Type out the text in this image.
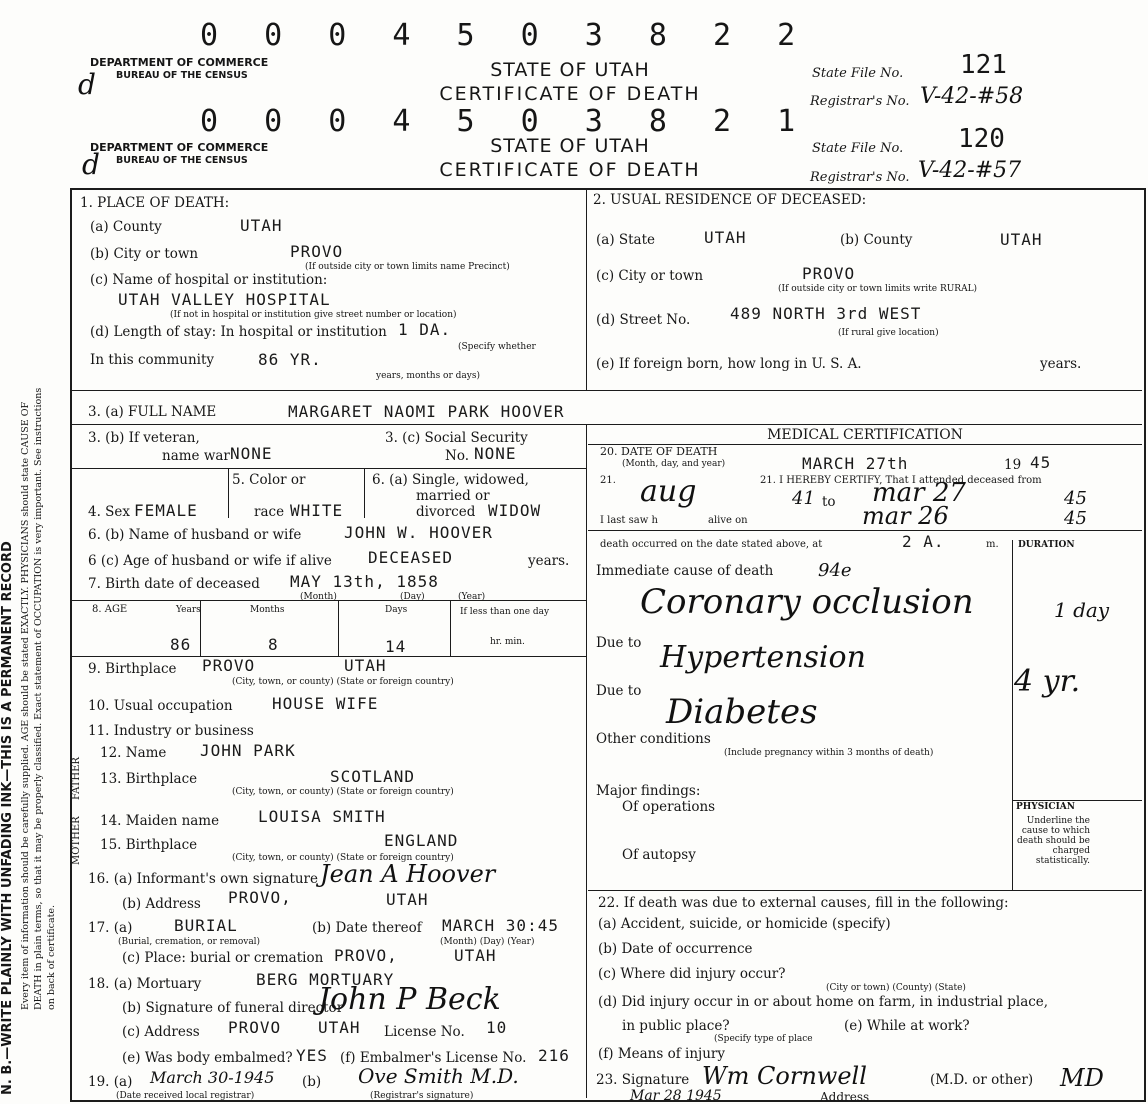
N. B.—WRITE PLAINLY WITH UNFADING INK—THIS IS A PERMANENT RECORD Every item of information should be carefully supplied. AGE should be stated EXACTLY. PHYSICIANS should state CAUSE OF DEATH in plain terms, so that it may be properly classified. Exact statement of OCCUPATION is very important. See instructions on back of certificate.
0 0 0 4 5 0 3 8 2 2
DEPARTMENT OF COMMERCE
BUREAU OF THE CENSUS
d	STATE OF UTAH
CERTIFICATE OF DEATH
State File No. 121
Registrar's No. V-42-#58
0 0 0 4 5 0 3 8 2 1
DEPARTMENT OF COMMERCE
BUREAU OF THE CENSUS
d
STATE OF UTAH
CERTIFICATE OF DEATH
State File No. 120
Registrar's No. V-42-#57
1. PLACE OF DEATH:
(a) County	UTAH
(b) City or town	PROVO
(If outside city or town limits name Precinct)
(c) Name of hospital or institution:
UTAH VALLEY HOSPITAL
(If not in hospital or institution give street number or location)
(d) Length of stay: In hospital or institution 1 DA.
(Specify whether
In this community	86 YR.
years, months or days)
2. USUAL RESIDENCE OF DECEASED:
(a) State	UTAH	(b) County	UTAH
(c) City or town	PROVO
(If outside city or town limits write RURAL)
(d) Street No. 489 NORTH 3rd WEST
(If rural give location)
(e) If foreign born, how long in U. S. A.	years.
3. (a) FULL NAME	MARGARET NAOMI PARK HOOVER
3. (b) If veteran,
name war NONE
3. (c) Social Security
No. NONE
5. Color or	6. (a) Single, widowed,
married or
4. Sex FEMALE	race WHITE	divorced WIDOW
6. (b) Name of husband or wife	JOHN W. HOOVER
6 (c) Age of husband or wife if alive DECEASED	years.
7. Birth date of deceased MAY 13th, 1858
(Month)	(Day)	(Year)
8. AGE	Years	Months	Days	If less than one day
86	8	14	hr. min.
9. Birthplace PROVO	UTAH
(City, town, or county) (State or foreign country)
10. Usual occupation HOUSE WIFE
11. Industry or business
FATHER
MOTHER
12. Name JOHN PARK
13. Birthplace	SCOTLAND
(City, town, or county) (State or foreign country)
14. Maiden name LOUISA SMITH
15. Birthplace	ENGLAND
(City, town, or county) (State or foreign country)
16. (a) Informant's own signature Jean A Hoover
(b) Address PROVO,	UTAH
17. (a)	BURIAL
(Burial, cremation, or removal)
(b) Date thereof MARCH 30:45
(Month) (Day) (Year)
(c) Place: burial or cremation PROVO,	UTAH
18. (a) Mortuary	BERG MORTUARY
(b) Signature of funeral director
John P Beck
(c) Address PROVO UTAH License No. 10
(e) Was body embalmed? YES (f) Embalmer's License No. 216
19. (a) March 30-1945
(Date received local registrar)
(b) Ove Smith M.D.
(Registrar's signature)
MEDICAL CERTIFICATION
20. DATE OF DEATH
(Month, day, and year)	MARCH 27th	19 45
21.	21. I HEREBY CERTIFY, That I attended deceased from
aug	41 to mar 27	45
I last saw h	alive on	mar 26	45
death occurred on the date stated above, at	2 A.	m. DURATION
Immediate cause of death 94e
Coronary occlusion	1 day
Due to Hypertension
4 yr.
Due to
Diabetes
Other conditions
(Include pregnancy within 3 months of death)
Major findings:
Of operations
Of autopsy
PHYSICIAN
Underline the cause to which death should be charged statistically.
22. If death was due to external causes, fill in the following:
(a) Accident, suicide, or homicide (specify)
(b) Date of occurrence
(c) Where did injury occur?
(City or town) (County) (State)
(d) Did injury occur in or about home on farm, in industrial place,
in public place?	(e) While at work?
(Specify type of place
(f) Means of injury
23. Signature Wm Cornwell	(M.D. or other) MD
Mar 28 1945	Address
